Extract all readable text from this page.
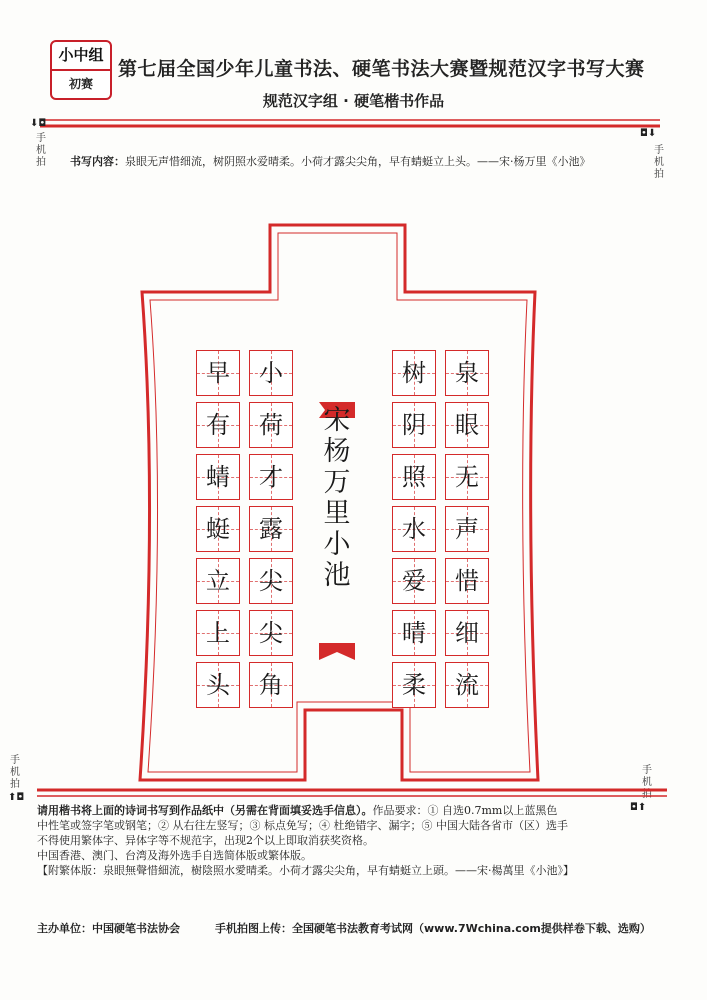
小中组
初赛
第七届全国少年儿童书法、硬笔书法大赛暨规范汉字书写大赛
规范汉字组 · 硬笔楷书作品
⬇◘
手机拍
◘⬇
手机拍
手机拍
⬆◘
手机拍
◘⬆
书写内容：泉眼无声惜细流，树阴照水爱晴柔。小荷才露尖尖角，早有蜻蜓立上头。——宋·杨万里《小池》
泉
眼
无
声
惜
细
流
树
阴
照
水
爱
晴
柔
小
荷
才
露
尖
尖
角
早
有
蜻
蜓
立
上
头
宋
杨
万
里
小
池
请用楷书将上面的诗词书写到作品纸中（另需在背面填妥选手信息）。作品要求：① 自选0.7mm以上蓝黑色
中性笔或签字笔或钢笔；② 从右往左竖写；③ 标点免写；④ 杜绝错字、漏字；⑤ 中国大陆各省市（区）选手
不得使用繁体字、异体字等不规范字，出现2个以上即取消获奖资格。
中国香港、澳门、台湾及海外选手自选简体版或繁体版。
【附繁体版：泉眼無聲惜細流，樹陰照水愛晴柔。小荷才露尖尖角，早有蜻蜓立上頭。——宋·楊萬里《小池》】
主办单位：中国硬笔书法协会	手机拍图上传：全国硬笔书法教育考试网（www.7Wchina.com提供样卷下载、选购）
